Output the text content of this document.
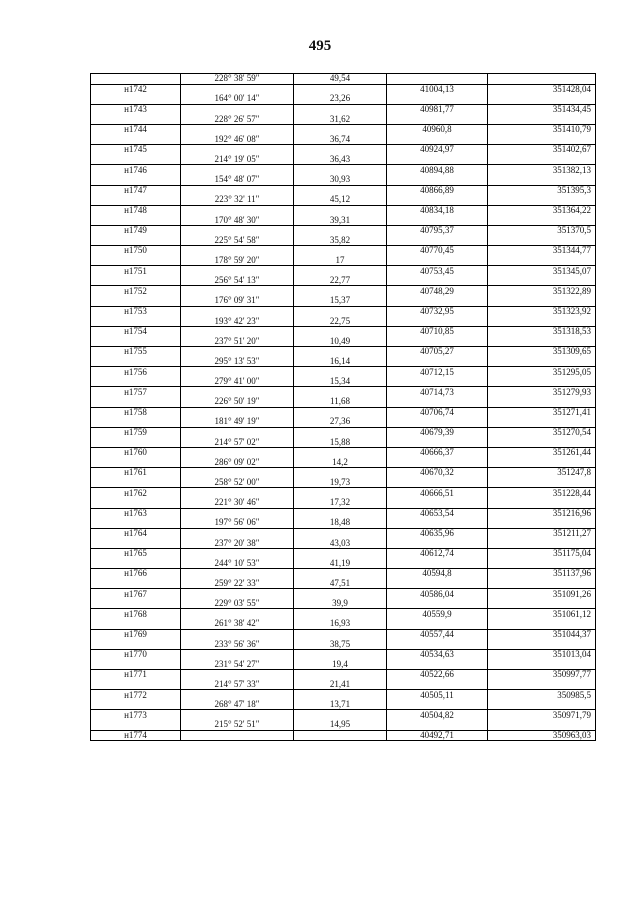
495
	228° 38' 59"	49,54		
н1742			41004,13	351428,04
	164° 00' 14"	23,26		
н1743			40981,77	351434,45
	228° 26' 57"	31,62		
н1744			40960,8	351410,79
	192° 46' 08"	36,74		
н1745			40924,97	351402,67
	214° 19' 05"	36,43		
н1746			40894,88	351382,13
	154° 48' 07"	30,93		
н1747			40866,89	351395,3
	223° 32' 11"	45,12		
н1748			40834,18	351364,22
	170° 48' 30"	39,31		
н1749			40795,37	351370,5
	225° 54' 58"	35,82		
н1750			40770,45	351344,77
	178° 59' 20"	17		
н1751			40753,45	351345,07
	256° 54' 13"	22,77		
н1752			40748,29	351322,89
	176° 09' 31"	15,37		
н1753			40732,95	351323,92
	193° 42' 23"	22,75		
н1754			40710,85	351318,53
	237° 51' 20"	10,49		
н1755			40705,27	351309,65
	295° 13' 53"	16,14		
н1756			40712,15	351295,05
	279° 41' 00"	15,34		
н1757			40714,73	351279,93
	226° 50' 19"	11,68		
н1758			40706,74	351271,41
	181° 49' 19"	27,36		
н1759			40679,39	351270,54
	214° 57' 02"	15,88		
н1760			40666,37	351261,44
	286° 09' 02"	14,2		
н1761			40670,32	351247,8
	258° 52' 00"	19,73		
н1762			40666,51	351228,44
	221° 30' 46"	17,32		
н1763			40653,54	351216,96
	197° 56' 06"	18,48		
н1764			40635,96	351211,27
	237° 20' 38"	43,03		
н1765			40612,74	351175,04
	244° 10' 53"	41,19		
н1766			40594,8	351137,96
	259° 22' 33"	47,51		
н1767			40586,04	351091,26
	229° 03' 55"	39,9		
н1768			40559,9	351061,12
	261° 38' 42"	16,93		
н1769			40557,44	351044,37
	233° 56' 36"	38,75		
н1770			40534,63	351013,04
	231° 54' 27"	19,4		
н1771			40522,66	350997,77
	214° 57' 33"	21,41		
н1772			40505,11	350985,5
	268° 47' 18"	13,71		
н1773			40504,82	350971,79
	215° 52' 51"	14,95		
н1774			40492,71	350963,03
